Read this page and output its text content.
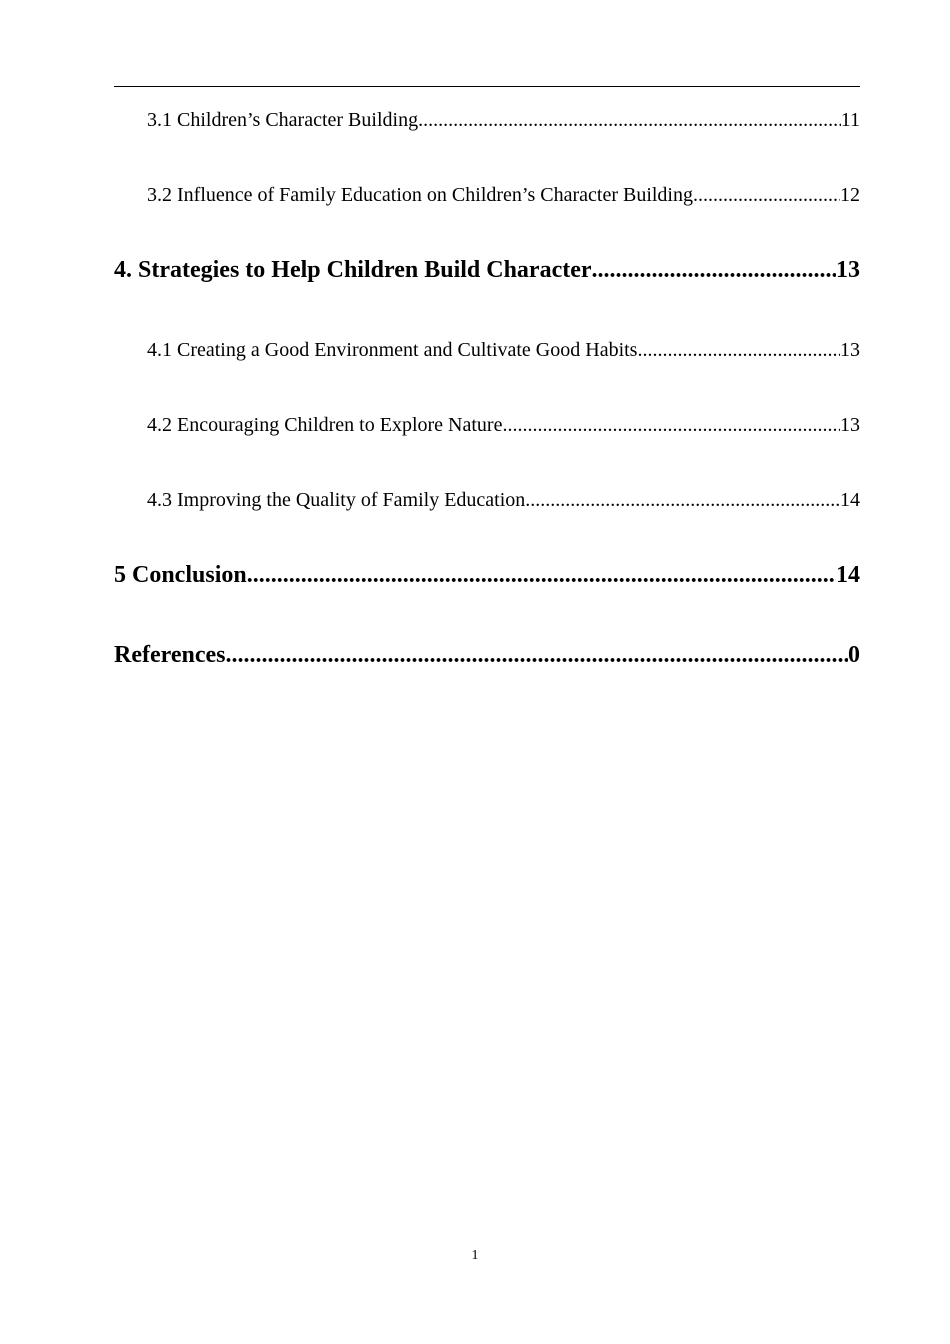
3.1 Children’s Character Building .....	11
3.2 Influence of Family Education on Children’s Character Building .....	12
4. Strategies to Help Children Build Character .....	13
4.1 Creating a Good Environment and Cultivate Good Habits .....	13
4.2 Encouraging Children to Explore Nature .....	13
4.3 Improving the Quality of Family Education .....	14
5 Conclusion .....	14
References .....	0
1
